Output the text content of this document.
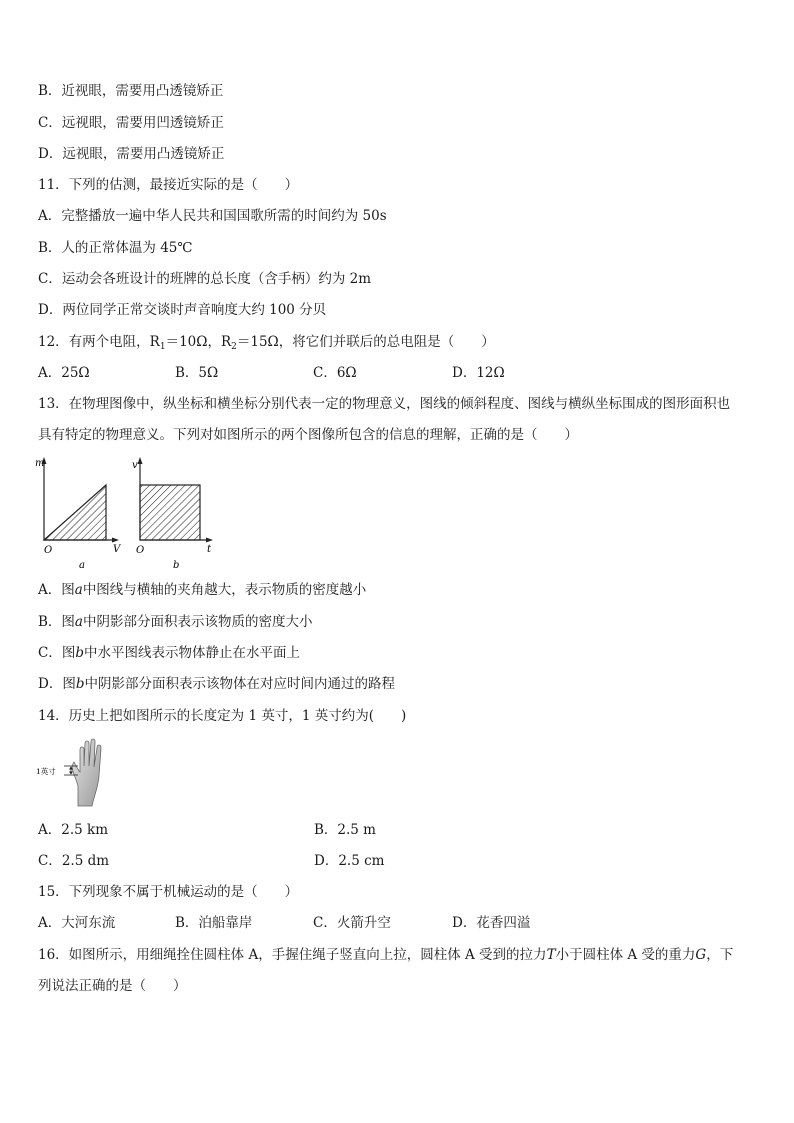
B．近视眼，需要用凸透镜矫正
C．远视眼，需要用凹透镜矫正
D．远视眼，需要用凸透镜矫正
11．下列的估测，最接近实际的是（　　）
A．完整播放一遍中华人民共和国国歌所需的时间约为 50s
B．人的正常体温为 45℃
C．运动会各班设计的班牌的总长度（含手柄）约为 2m
D．两位同学正常交谈时声音响度大约 100 分贝
12．有两个电阻，$R_1=10\Omega$，$R_2=15\Omega$，将它们并联后的总电阻是（　　）
A．25Ω	B．5Ω	C．6Ω	D．12Ω
13．在物理图像中，纵坐标和横坐标分别代表一定的物理意义，图线的倾斜程度、图线与横纵坐标围成的图形面积也
具有特定的物理意义。下列对如图所示的两个图像所包含的信息的理解，正确的是（　　）
m
O	V
a
v
O	t
b
A．图a中图线与横轴的夹角越大，表示物质的密度越小
B．图a中阴影部分面积表示该物质的密度大小
C．图b中水平图线表示物体静止在水平面上
D．图b中阴影部分面积表示该物体在对应时间内通过的路程
14．历史上把如图所示的长度定为 1 英寸，1 英寸约为(　　)
1英寸
A．2.5 km	B．2.5 m
C．2.5 dm	D．2.5 cm
15．下列现象不属于机械运动的是（　　）
A．大河东流	B．泊船靠岸	C．火箭升空	D．花香四溢
16．如图所示，用细绳拴住圆柱体 A，手握住绳子竖直向上拉，圆柱体 A 受到的拉力T小于圆柱体 A 受的重力G，下
列说法正确的是（　　）
